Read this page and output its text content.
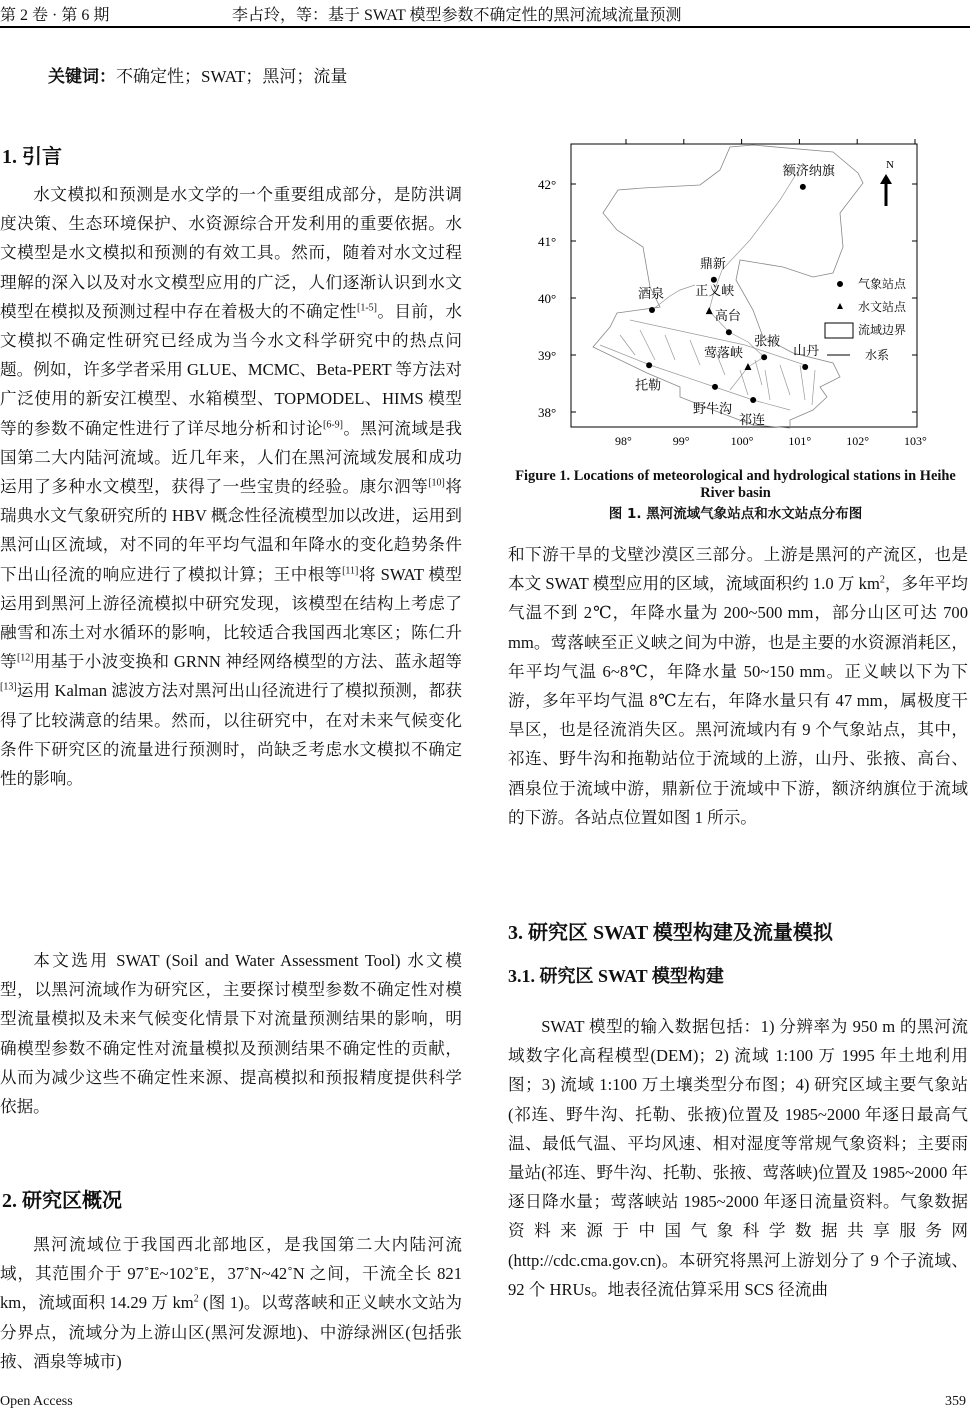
第 2 卷 · 第 6 期	李占玲，等：基于 SWAT 模型参数不确定性的黑河流域流量预测
关键词：不确定性；SWAT；黑河；流量
1. 引言
水文模拟和预测是水文学的一个重要组成部分，是防洪调度决策、生态环境保护、水资源综合开发利用的重要依据。水文模型是水文模拟和预测的有效工具。然而，随着对水文过程理解的深入以及对水文模型应用的广泛，人们逐渐认识到水文模型在模拟及预测过程中存在着极大的不确定性[1-5]。目前，水文模拟不确定性研究已经成为当今水文科学研究中的热点问题。例如，许多学者采用 GLUE、MCMC、Beta-PERT 等方法对广泛使用的新安江模型、水箱模型、TOPMODEL、HIMS 模型等的参数不确定性进行了详尽地分析和讨论[6-9]。黑河流域是我国第二大内陆河流域。近几年来，人们在黑河流域发展和成功运用了多种水文模型，获得了一些宝贵的经验。康尔泗等[10]将瑞典水文气象研究所的 HBV 概念性径流模型加以改进，运用到黑河山区流域，对不同的年平均气温和年降水的变化趋势条件下出山径流的响应进行了模拟计算；王中根等[11]将 SWAT 模型运用到黑河上游径流模拟中研究发现，该模型在结构上考虑了融雪和冻土对水循环的影响，比较适合我国西北寒区；陈仁升等[12]用基于小波变换和 GRNN 神经网络模型的方法、蓝永超等[13]运用 Kalman 滤波方法对黑河出山径流进行了模拟预测，都获得了比较满意的结果。然而，以往研究中，在对未来气候变化条件下研究区的流量进行预测时，尚缺乏考虑水文模拟不确定性的影响。
本文选用 SWAT (Soil and Water Assessment Tool) 水文模型，以黑河流域作为研究区，主要探讨模型参数不确定性对模型流量模拟及未来气候变化情景下对流量预测结果的影响，明确模型参数不确定性对流量模拟及预测结果不确定性的贡献，从而为减少这些不确定性来源、提高模拟和预报精度提供科学依据。
2. 研究区概况
黑河流域位于我国西北部地区，是我国第二大内陆河流域，其范围介于 97˚E~102˚E，37˚N~42˚N 之间，干流全长 821 km，流域面积 14.29 万 $km^2$ (图 1)。以莺落峡和正义峡水文站为分界点，流域分为上游山区(黑河发源地)、中游绿洲区(包括张掖、酒泉等城市)
38°
39°
40°
41°
42°
98°	99°	100°	101°	102°	103°
额济纳旗
鼎新
酒泉 正义峡
高台
张掖
山丹
莺落峡
托勒
野牛沟
祁连
N
气象站点
水文站点
流域边界
水系
Figure 1. Locations of meteorological and hydrological stations in Heihe River basin
图 1. 黑河流域气象站点和水文站点分布图
和下游干旱的戈壁沙漠区三部分。上游是黑河的产流区，也是本文 SWAT 模型应用的区域，流域面积约 1.0 万 $km^2$，多年平均气温不到 2℃，年降水量为 200~500 mm，部分山区可达 700 mm。莺落峡至正义峡之间为中游，也是主要的水资源消耗区，年平均气温 6~8℃，年降水量 50~150 mm。正义峡以下为下游，多年平均气温 8℃左右，年降水量只有 47 mm，属极度干旱区，也是径流消失区。黑河流域内有 9 个气象站点，其中，祁连、野牛沟和拖勒站位于流域的上游，山丹、张掖、高台、酒泉位于流域中游，鼎新位于流域中下游，额济纳旗位于流域的下游。各站点位置如图 1 所示。
3. 研究区 SWAT 模型构建及流量模拟
3.1. 研究区 SWAT 模型构建
SWAT 模型的输入数据包括：1) 分辨率为 950 m 的黑河流域数字化高程模型(DEM)；2) 流域 1:100 万 1995 年土地利用图；3) 流域 1:100 万土壤类型分布图；4) 研究区域主要气象站(祁连、野牛沟、托勒、张掖)位置及 1985~2000 年逐日最高气温、最低气温、平均风速、相对湿度等常规气象资料；主要雨量站(祁连、野牛沟、托勒、张掖、莺落峡)位置及 1985~2000 年逐日降水量；莺落峡站 1985~2000 年逐日流量资料。气象数据资料来源于中国气象科学数据共享服务网(http://cdc.cma.gov.cn)。本研究将黑河上游划分了 9 个子流域、92 个 HRUs。地表径流估算采用 SCS 径流曲
Open Access	359
